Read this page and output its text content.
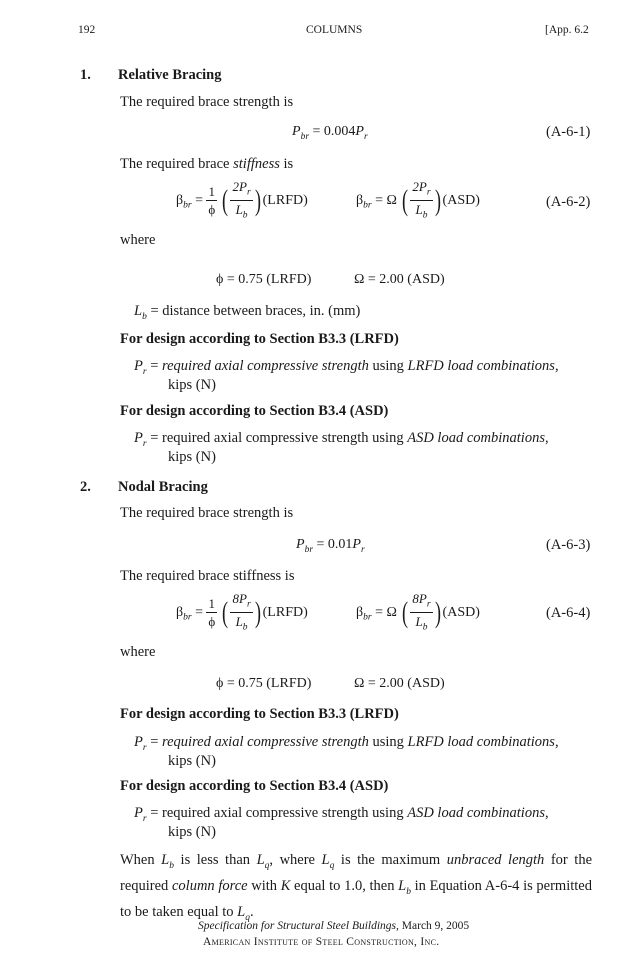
192	COLUMNS	[App. 6.2
1. Relative Bracing
The required brace strength is
$P_{br} = 0.004P_r$	(A-6-1)
The required brace stiffness is
$\beta_{br} = \frac{1}{\phi}$ ( $\frac{2P_r}{L_b}$ ) (LRFD)	$\beta_{br} = \Omega$ ( $\frac{2P_r}{L_b}$ ) (ASD)	(A-6-2)
where
ϕ = 0.75 (LRFD)	Ω = 2.00 (ASD)
$L_b$ = distance between braces, in. (mm)
For design according to Section B3.3 (LRFD)
$P_r$ = required axial compressive strength using LRFD load combinations,
kips (N)
For design according to Section B3.4 (ASD)
$P_r$ = required axial compressive strength using ASD load combinations,
kips (N)
2. Nodal Bracing
The required brace strength is
$P_{br} = 0.01P_r$	(A-6-3)
The required brace stiffness is
$\beta_{br} = \frac{1}{\phi}$ ( $\frac{8P_r}{L_b}$ ) (LRFD)	$\beta_{br} = \Omega$ ( $\frac{8P_r}{L_b}$ ) (ASD)	(A-6-4)
where
ϕ = 0.75 (LRFD)	Ω = 2.00 (ASD)
For design according to Section B3.3 (LRFD)
$P_r$ = required axial compressive strength using LRFD load combinations,
kips (N)
For design according to Section B3.4 (ASD)
$P_r$ = required axial compressive strength using ASD load combinations,
kips (N)
When $L_b$ is less than $L_q$, where $L_q$ is the maximum unbraced length for the required column force with K equal to 1.0, then $L_b$ in Equation A-6-4 is permitted to be taken equal to $L_q$.
Specification for Structural Steel Buildings, March 9, 2005
American Institute of Steel Construction, Inc.
